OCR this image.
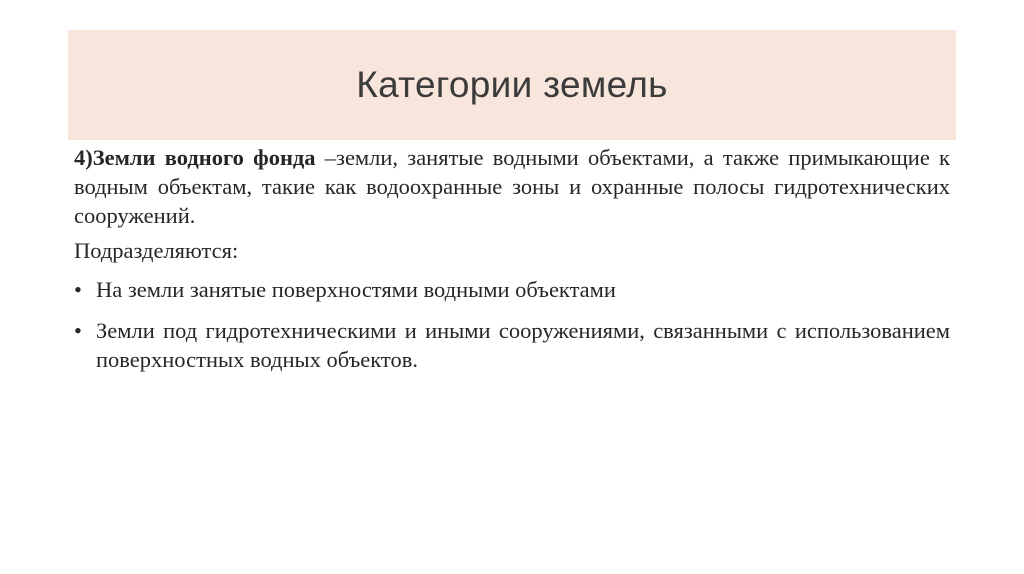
Категории земель

4)Земли водного фонда –земли, занятые водными объектами, а также примыкающие к водным объектам, такие как водоохранные зоны и охранные полосы гидротехнических сооружений.

Подразделяются:

• На земли занятые поверхностями водными объектами
• Земли под гидротехническими и иными сооружениями, связанными с использованием поверхностных водных объектов.
